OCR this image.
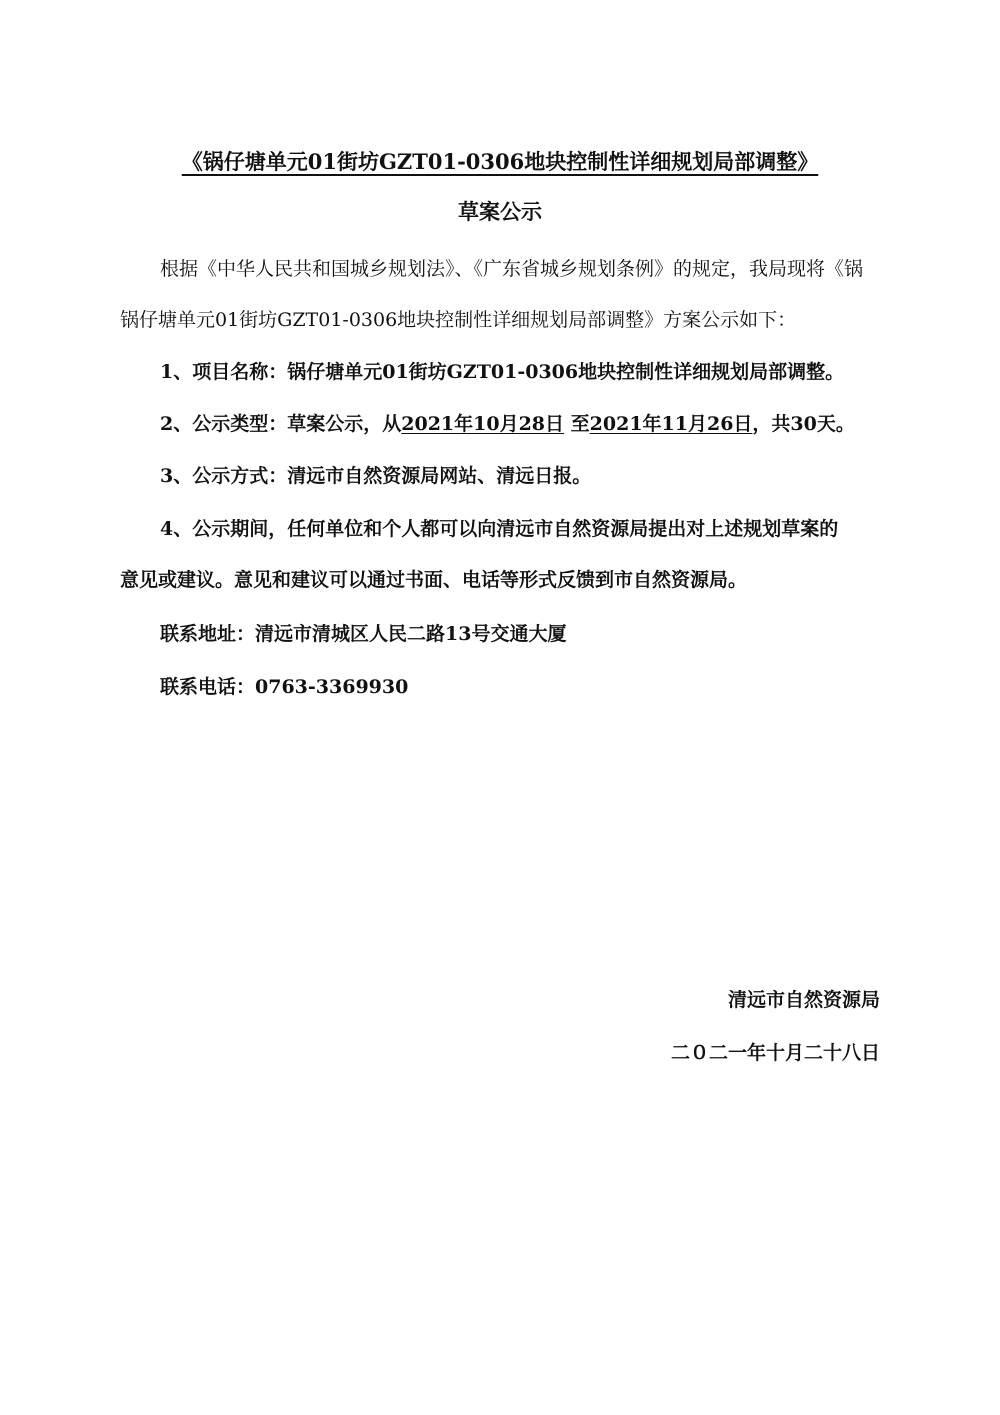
《锅仔塘单元01街坊GZT01-0306地块控制性详细规划局部调整》
草案公示
根据《中华人民共和国城乡规划法》、《广东省城乡规划条例》的规定，我局现将《锅
锅仔塘单元01街坊GZT01-0306地块控制性详细规划局部调整》方案公示如下：
1、项目名称：锅仔塘单元01街坊GZT01-0306地块控制性详细规划局部调整。
2、公示类型：草案公示，从2021年10月28日 至2021年11月26日，共30天。
3、公示方式：清远市自然资源局网站、清远日报。
4、公示期间，任何单位和个人都可以向清远市自然资源局提出对上述规划草案的
意见或建议。意见和建议可以通过书面、电话等形式反馈到市自然资源局。
联系地址：清远市清城区人民二路13号交通大厦
联系电话：0763-3369930
清远市自然资源局
二０二一年十月二十八日
